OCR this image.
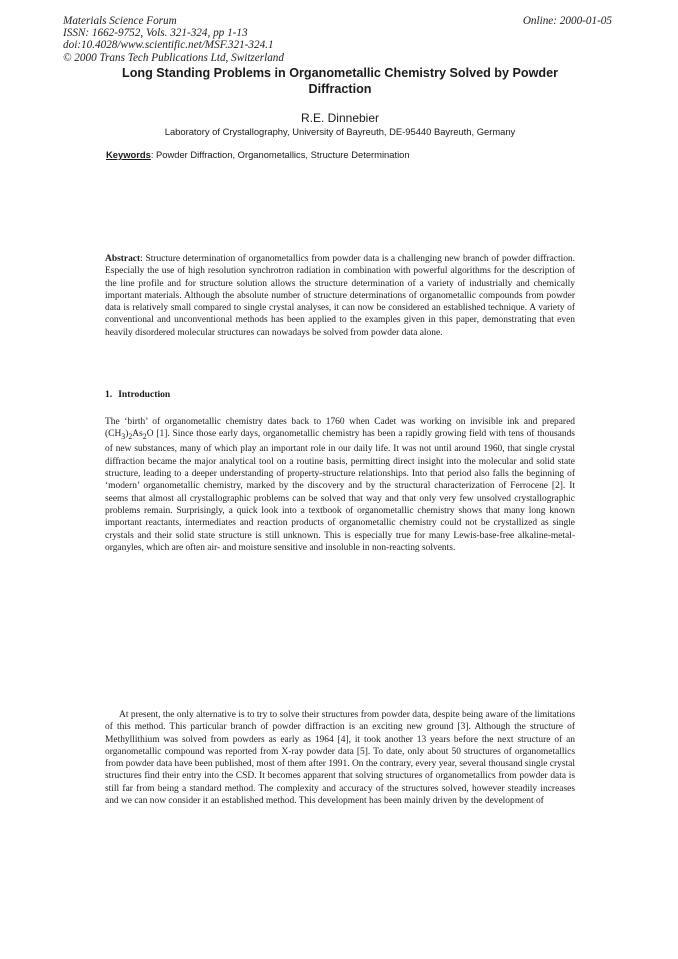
Materials Science Forum
ISSN: 1662-9752, Vols. 321-324, pp 1-13
doi:10.4028/www.scientific.net/MSF.321-324.1
© 2000 Trans Tech Publications Ltd, Switzerland
Online: 2000-01-05
Long Standing Problems in Organometallic Chemistry Solved by Powder Diffraction
R.E. Dinnebier
Laboratory of Crystallography, University of Bayreuth, DE-95440 Bayreuth, Germany
Keywords: Powder Diffraction, Organometallics, Structure Determination

Abstract: Structure determination of organometallics from powder data is a challenging new branch of powder diffraction. Especially the use of high resolution synchrotron radiation in combination with powerful algorithms for the description of the line profile and for structure solution allows the structure determination of a variety of industrially and chemically important materials. Although the absolute number of structure determinations of organometallic compounds from powder data is relatively small compared to single crystal analyses, it can now be considered an established technique. A variety of conventional and unconventional methods has been applied to the examples given in this paper, demonstrating that even heavily disordered molecular structures can nowadays be solved from powder data alone.

1. Introduction

The ‘birth’ of organometallic chemistry dates back to 1760 when Cadet was working on invisible ink and prepared $(CH_3)_2As_2O$ [1]. Since those early days, organometallic chemistry has been a rapidly growing field with tens of thousands of new substances, many of which play an important role in our daily life. It was not until around 1960, that single crystal diffraction became the major analytical tool on a routine basis, permitting direct insight into the molecular and solid state structure, leading to a deeper understanding of property-structure relationships. Into that period also falls the beginning of ‘modern’ organometallic chemistry, marked by the discovery and by the structural characterization of Ferrocene [2]. It seems that almost all crystallographic problems can be solved that way and that only very few unsolved crystallographic problems remain. Surprisingly, a quick look into a textbook of organometallic chemistry shows that many long known important reactants, intermediates and reaction products of organometallic chemistry could not be crystallized as single crystals and their solid state structure is still unknown. This is especially true for many Lewis-base-free alkaline-metal-organyles, which are often air- and moisture sensitive and insoluble in non-reacting solvents.

At present, the only alternative is to try to solve their structures from powder data, despite being aware of the limitations of this method. This particular branch of powder diffraction is an exciting new ground [3]. Although the structure of Methyllithium was solved from powders as early as 1964 [4], it took another 13 years before the next structure of an organometallic compound was reported from X-ray powder data [5]. To date, only about 50 structures of organometallics from powder data have been published, most of them after 1991. On the contrary, every year, several thousand single crystal structures find their entry into the CSD. It becomes apparent that solving structures of organometallics from powder data is still far from being a standard method. The complexity and accuracy of the structures solved, however steadily increases and we can now consider it an established method. This development has been mainly driven by the development of
